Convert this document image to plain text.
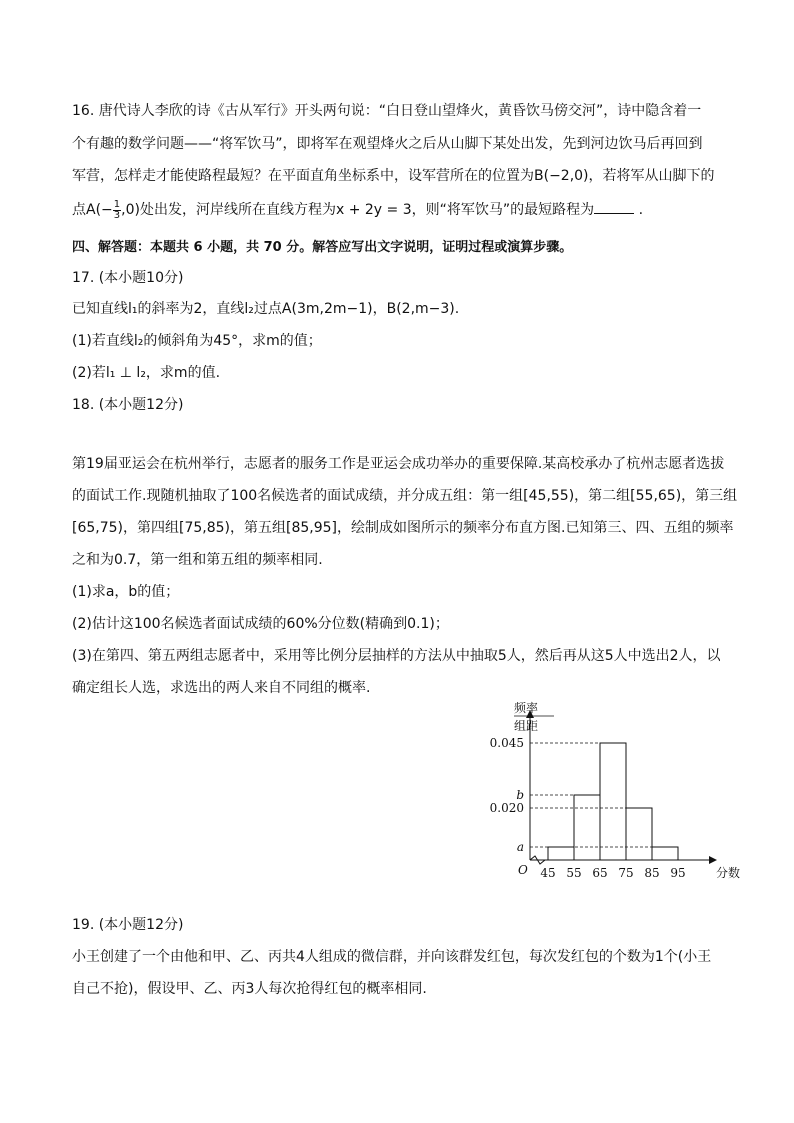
16. 唐代诗人李欣的诗《古从军行》开头两句说：“白日登山望烽火，黄昏饮马傍交河”，诗中隐含着一
个有趣的数学问题——“将军饮马”，即将军在观望烽火之后从山脚下某处出发，先到河边饮马后再回到
军营，怎样走才能使路程最短？在平面直角坐标系中，设军营所在的位置为B(−2,0)，若将军从山脚下的
点$A(- \frac{1}{3} ,0)$处出发，河岸线所在直线方程为x + 2y = 3，则“将军饮马”的最短路程为	.
四、解答题：本题共 6 小题，共 70 分。解答应写出文字说明，证明过程或演算步骤。
17. (本小题10分)
已知直线l₁的斜率为2，直线l₂过点A(3m,2m−1)，B(2,m−3).
(1)若直线l₂的倾斜角为45°，求m的值；
(2)若l₁ ⊥ l₂，求m的值.
18. (本小题12分)
第19届亚运会在杭州举行，志愿者的服务工作是亚运会成功举办的重要保障.某高校承办了杭州志愿者选拔
的面试工作.现随机抽取了100名候选者的面试成绩，并分成五组：第一组[45,55)，第二组[55,65)，第三组
[65,75)，第四组[75,85)，第五组[85,95]，绘制成如图所示的频率分布直方图.已知第三、四、五组的频率
之和为0.7，第一组和第五组的频率相同.
(1)求a，b的值；
(2)估计这100名候选者面试成绩的60%分位数(精确到0.1)；
(3)在第四、第五两组志愿者中，采用等比例分层抽样的方法从中抽取5人，然后再从这5人中选出2人，以
确定组长人选，求选出的两人来自不同组的概率.
a
0.020
b
0.045
45 55 65 75 85 95
O	分数
频率
组距
19. (本小题12分)
小王创建了一个由他和甲、乙、丙共4人组成的微信群，并向该群发红包，每次发红包的个数为1个(小王
自己不抢)，假设甲、乙、丙3人每次抢得红包的概率相同.
